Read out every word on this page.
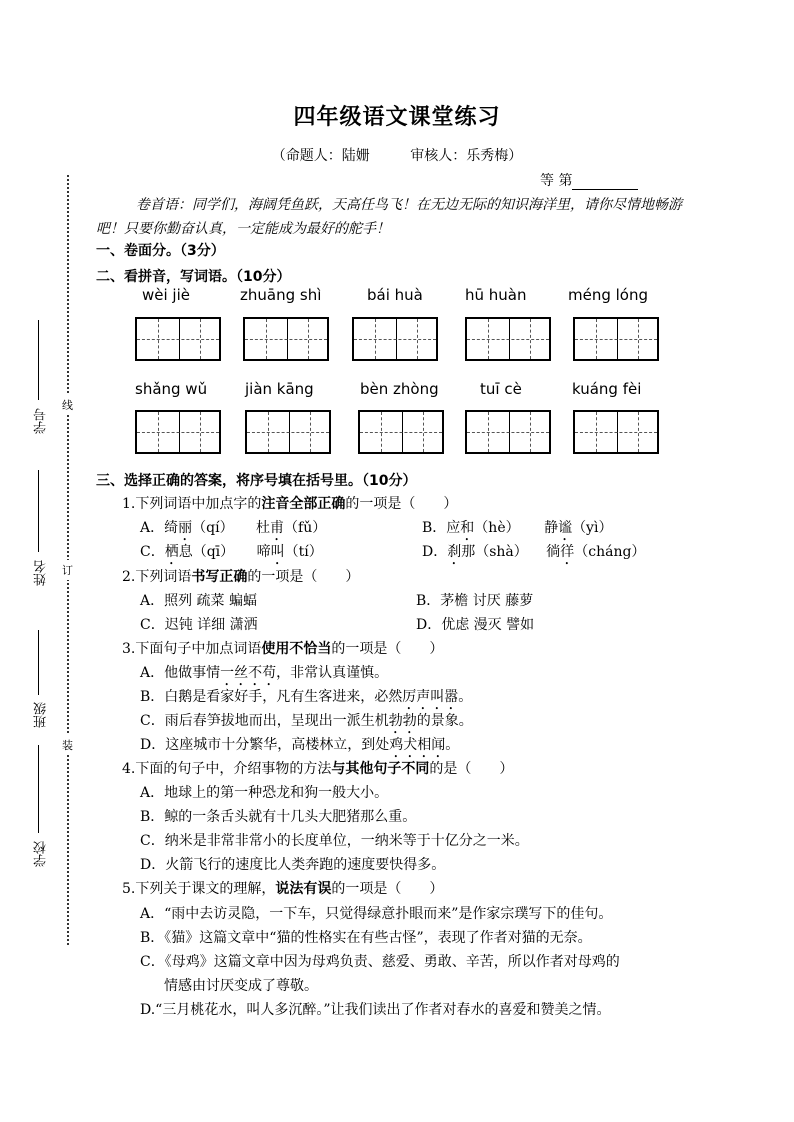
线
订
装
学号
姓名
班级
学校
四年级语文课堂练习
（命题人：陆姗	审核人：乐秀梅）
等 第
卷首语：同学们，海阔凭鱼跃，天高任鸟飞！在无边无际的知识海洋里，请你尽情地畅游吧！只要你勤奋认真，一定能成为最好的舵手！
一、卷面分。（3分）
二、看拼音，写词语。（10分）
wèi jiè	zhuāng shì	bái huà	hū huàn	méng lóng
shǎng wǔ	jiàn kāng	bèn zhòng	tuī cè	kuáng fèi
三、选择正确的答案，将序号填在括号里。（10分）
1.下列词语中加点字的注音全部正确的一项是（　　）
A．绮丽（qí） 杜甫（fǔ）	B．应和（hè） 静谧（yì）
C．栖息（qī） 啼叫（tí）	D．刹那（shà） 徜徉（cháng）
2.下列词语书写正确的一项是（　　）
A．照列 疏菜 蝙蝠	B．茅檐 讨厌 藤萝
C．迟钝 详细 潇洒	D．优虑 漫灭 譬如
3.下面句子中加点词语使用不恰当的一项是（　　）
A．他做事情一丝不苟，非常认真谨慎。
B．白鹅是看家好手，凡有生客进来，必然厉声叫嚣。
C．雨后春笋拔地而出，呈现出一派生机勃勃的景象。
D．这座城市十分繁华，高楼林立，到处鸡犬相闻。
4.下面的句子中，介绍事物的方法与其他句子不同的是（　　）
A．地球上的第一种恐龙和狗一般大小。
B．鲸的一条舌头就有十几头大肥猪那么重。
C．纳米是非常非常小的长度单位，一纳米等于十亿分之一米。
D．火箭飞行的速度比人类奔跑的速度要快得多。
5.下列关于课文的理解，说法有误的一项是（　　）
A．“雨中去访灵隐，一下车，只觉得绿意扑眼而来”是作家宗璞写下的佳句。
B．《猫》这篇文章中“猫的性格实在有些古怪”，表现了作者对猫的无奈。
C．《母鸡》这篇文章中因为母鸡负责、慈爱、勇敢、辛苦，所以作者对母鸡的
情感由讨厌变成了尊敬。
D.“三月桃花水，叫人多沉醉。”让我们读出了作者对春水的喜爱和赞美之情。
